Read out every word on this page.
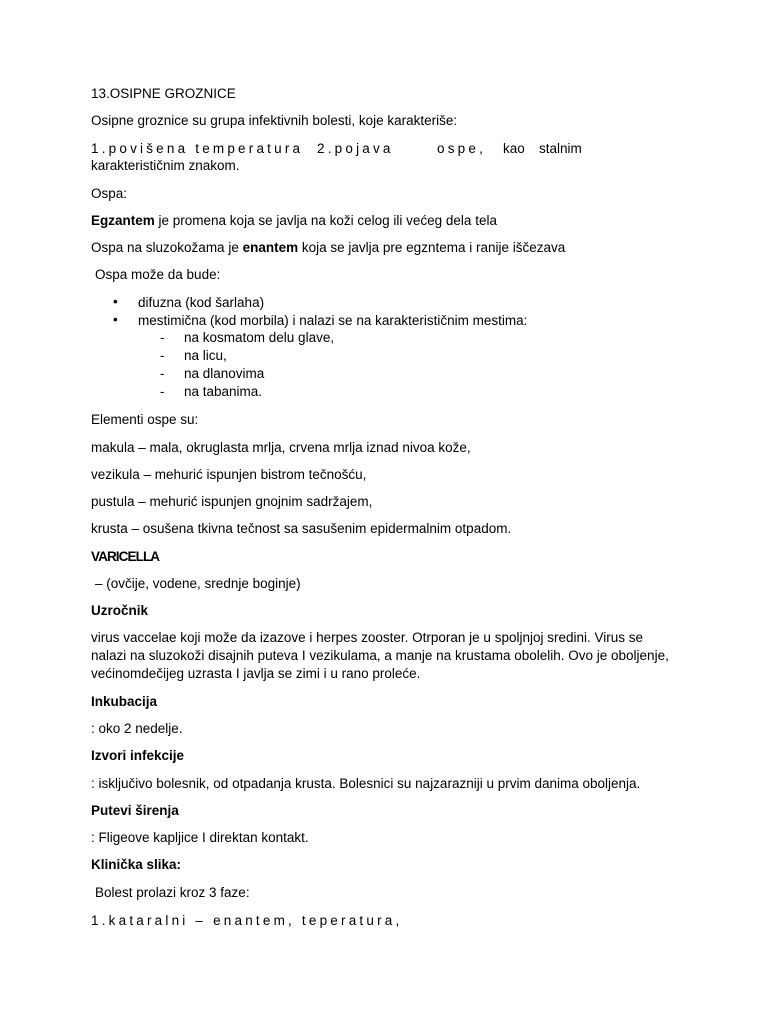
13.OSIPNE GROZNICE
Osipne groznice su grupa infektivnih bolesti, koje karakteriše:
1.povišena temperatura 2.pojava	ospe, kao stalnim
karakterističnim znakom.
Ospa:
Egzantem je promena koja se javlja na koži celog ili većeg dela tela
Ospa na sluzokožama je enantem koja se javlja pre egzntema i ranije iščezava
Ospa može da bude:
• difuzna (kod šarlaha)
• mestimična (kod morbila) i nalazi se na karakterističnim mestima:
- na kosmatom delu glave,
- na licu,
- na dlanovima
- na tabanima.
Elementi ospe su:
makula – mala, okruglasta mrlja, crvena mrlja iznad nivoa kože,
vezikula – mehurić ispunjen bistrom tečnošću,
pustula – mehurić ispunjen gnojnim sadržajem,
krusta – osušena tkivna tečnost sa sasušenim epidermalnim otpadom.
VARICELLA
– (ovčije, vodene, srednje boginje)
Uzročnik
virus vaccelae koji može da izazove i herpes zooster. Otrporan je u spoljnjoj sredini. Virus se nalazi na sluzokoži disajnih puteva I vezikulama, a manje na krustama obolelih. Ovo je oboljenje, većinomdečijeg uzrasta I javlja se zimi i u rano proleće.
Inkubacija
: oko 2 nedelje.
Izvori infekcije
: isključivo bolesnik, od otpadanja krusta. Bolesnici su najzarazniji u prvim danima oboljenja.
Putevi širenja
: Fligeove kapljice I direktan kontakt.
Klinička slika:
Bolest prolazi kroz 3 faze:
1.kataralni – enantem, teperatura,
